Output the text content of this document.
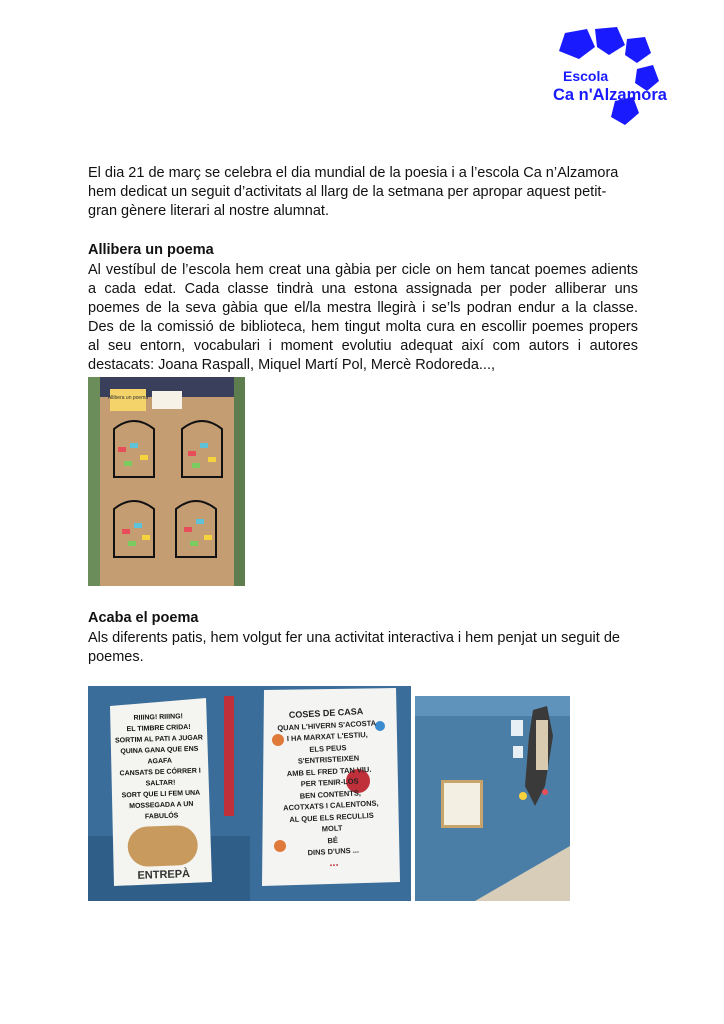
Escola
Ca n'Alzamora

El dia 21 de març se celebra el dia mundial de la poesia i a l’escola Ca n’Alzamora

hem dedicat un seguit d’activitats al llarg de la setmana per apropar aquest petit-

gran gènere literari al nostre alumnat.

Allibera un poema

Al vestíbul de l’escola hem creat una gàbia per cicle on hem tancat poemes adients

a cada edat. Cada classe tindrà una estona assignada per poder alliberar uns

poemes de la seva gàbia que el/la mestra llegirà i se’ls podran endur a la classe.

Des de la comissió de biblioteca, hem tingut molta cura en escollir poemes propers

al seu entorn, vocabulari i moment evolutiu adequat així com autors i autores

destacats: Joana Raspall, Miquel Martí Pol, Mercè Rodoreda...,

Allibera un poema
Acaba el poema

Als diferents patis, hem volgut fer una activitat interactiva i hem penjat un seguit de

poemes.

RIIING! RIIING!
EL TIMBRE CRIDA!
SORTIM AL PATI A JUGAR
QUINA GANA QUE ENS AGAFA
CANSATS DE CÓRRER I
SALTAR!
SORT QUE LI FEM UNA
MOSSEGADA A UN FABULÓS
ENTREPÀ
COSES DE CASA
QUAN L'HIVERN S'ACOSTA
I HA MARXAT L'ESTIU,
ELS PEUS S'ENTRISTEIXEN
AMB EL FRED TAN VIU.
PER TENIR-LOS
BEN CONTENTS,
ACOTXATS I CALENTONS,
AL QUE ELS RECULLIS MOLT
BÉ
DINS D'UNS ...
...
